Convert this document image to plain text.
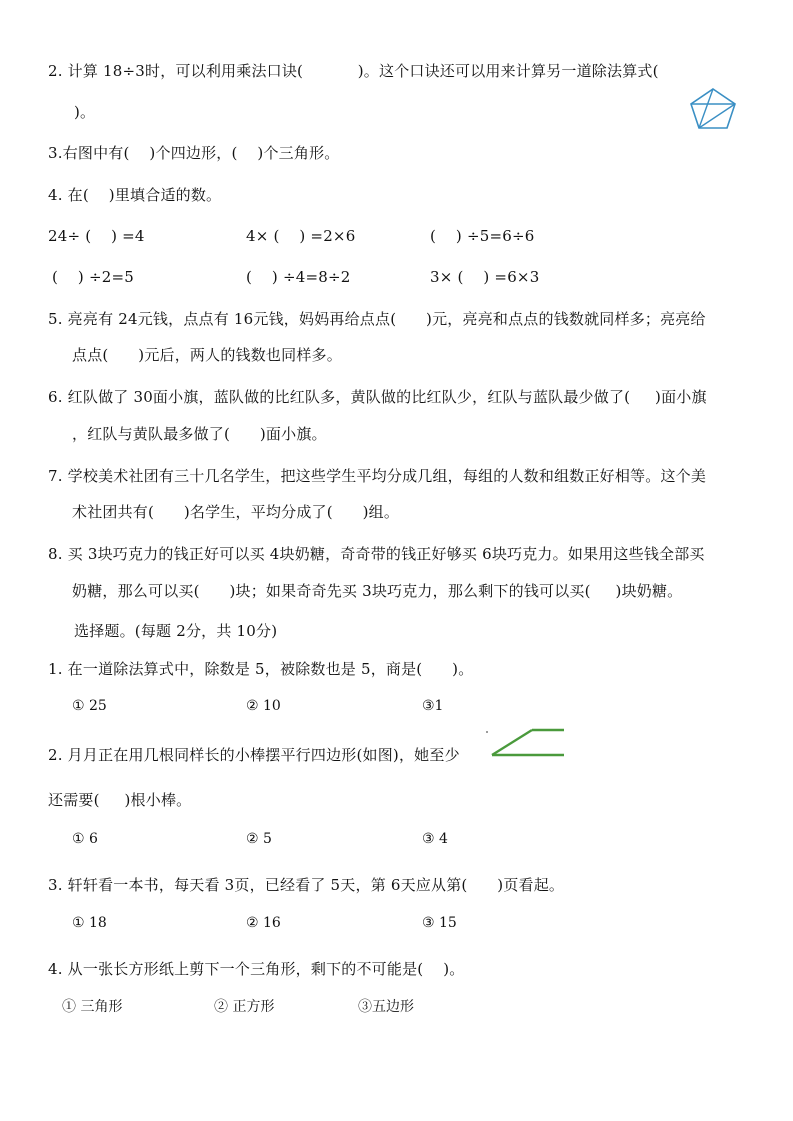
2. 计算 18÷3时，可以利用乘法口诀(           )。这个口诀还可以用来计算另一道除法算式(
)。
3.右图中有(    )个四边形，(    )个三角形。
4. 在(    )里填合适的数。
24÷ (    ) =4	4× (    ) =2×6	(    ) ÷5=6÷6
(    ) ÷2=5	(    ) ÷4=8÷2	3× (    ) =6×3
5. 亮亮有 24元钱，点点有 16元钱，妈妈再给点点(      )元，亮亮和点点的钱数就同样多；亮亮给
点点(      )元后，两人的钱数也同样多。
6. 红队做了 30面小旗，蓝队做的比红队多，黄队做的比红队少，红队与蓝队最少做了(     )面小旗
，红队与黄队最多做了(      )面小旗。
7. 学校美术社团有三十几名学生，把这些学生平均分成几组，每组的人数和组数正好相等。这个美
术社团共有(      )名学生，平均分成了(      )组。
8. 买 3块巧克力的钱正好可以买 4块奶糖，奇奇带的钱正好够买 6块巧克力。如果用这些钱全部买
奶糖，那么可以买(      )块；如果奇奇先买 3块巧克力，那么剩下的钱可以买(     )块奶糖。
选择题。(每题 2分，共 10分)
1. 在一道除法算式中，除数是 5，被除数也是 5，商是(      )。
① 25	② 10	③1
2. 月月正在用几根同样长的小棒摆平行四边形(如图)，她至少
还需要(     )根小棒。
① 6	② 5	③ 4
3. 轩轩看一本书，每天看 3页，已经看了 5天，第 6天应从第(      )页看起。
① 18	② 16	③ 15
4. 从一张长方形纸上剪下一个三角形，剩下的不可能是(    )。
① 三角形	② 正方形	③五边形
